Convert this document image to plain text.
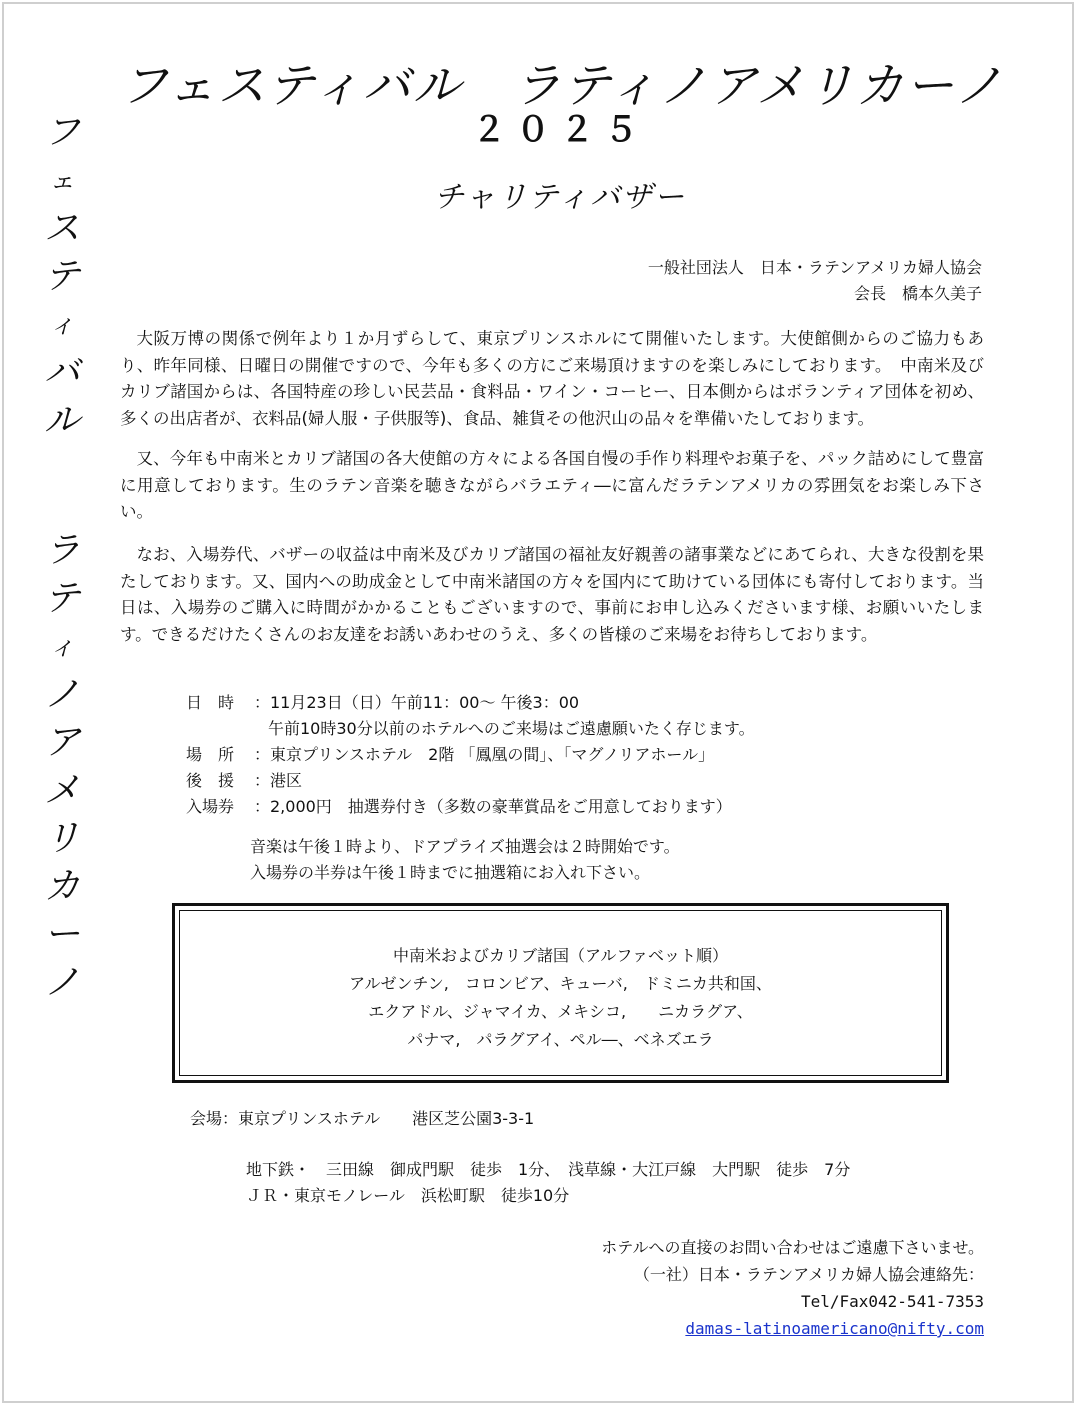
フ
ェ
ス
テ
ィ
バ
ル
ラ
テ
ィ
ノ
ア
メ
リ
カ
ー
ノ
フェスティバル　ラティノアメリカーノ
２０２５
チャリティバザー
一般社団法人　日本・ラテンアメリカ婦人協会
会長　橋本久美子

大阪万博の関係で例年より１か月ずらして、東京プリンスホルにて開催いたします。大使館側からのご協力もあり、昨年同様、日曜日の開催ですので、今年も多くの方にご来場頂けますのを楽しみにしております。　中南米及びカリブ諸国からは、各国特産の珍しい民芸品・食料品・ワイン・コーヒー、日本側からはボランティア団体を初め、多くの出店者が、衣料品(婦人服・子供服等)、食品、雑貨その他沢山の品々を準備いたしております。

又、今年も中南米とカリブ諸国の各大使館の方々による各国自慢の手作り料理やお菓子を、パック詰めにして豊富に用意しております。生のラテン音楽を聴きながらバラエティ―に富んだラテンアメリカの雰囲気をお楽しみ下さい。

なお、入場券代、バザーの収益は中南米及びカリブ諸国の福祉友好親善の諸事業などにあてられ、大きな役割を果たしております。又、国内への助成金として中南米諸国の方々を国内にて助けている団体にも寄付しております。当日は、入場券のご購入に時間がかかることもございますので、事前にお申し込みくださいます様、お願いいたします。できるだけたくさんのお友達をお誘いあわせのうえ、多くの皆様のご来場をお待ちしております。

日　時	：11月23日（日）午前11：00～ 午後3：00
午前10時30分以前のホテルへのご来場はご遠慮願いたく存じます。
場　所	：東京プリンスホテル　2階 「鳳凰の間」、「マグノリアホール」
後　援	：港区
入場券	：2,000円　抽選券付き（多数の豪華賞品をご用意しております）
音楽は午後１時より、ドアプライズ抽選会は２時開始です。
入場券の半券は午後１時までに抽選箱にお入れ下さい。
中南米およびカリブ諸国（アルファベット順）
アルゼンチン,　コロンビア、キューバ,　ドミニカ共和国、
エクアドル、ジャマイカ、メキシコ,　　ニカラグア、
パナマ,　パラグアイ、ペル―、ベネズエラ
会場：東京プリンスホテル　　港区芝公園3-3-1
地下鉄・　三田線　御成門駅　徒歩　1分、　浅草線・大江戸線　大門駅　徒歩　7分
ＪＲ・東京モノレール　浜松町駅　徒歩10分
ホテルへの直接のお問い合わせはご遠慮下さいませ。
（一社）日本・ラテンアメリカ婦人協会連絡先：
Tel/Fax042-541-7353
damas-latinoamericano@nifty.com
